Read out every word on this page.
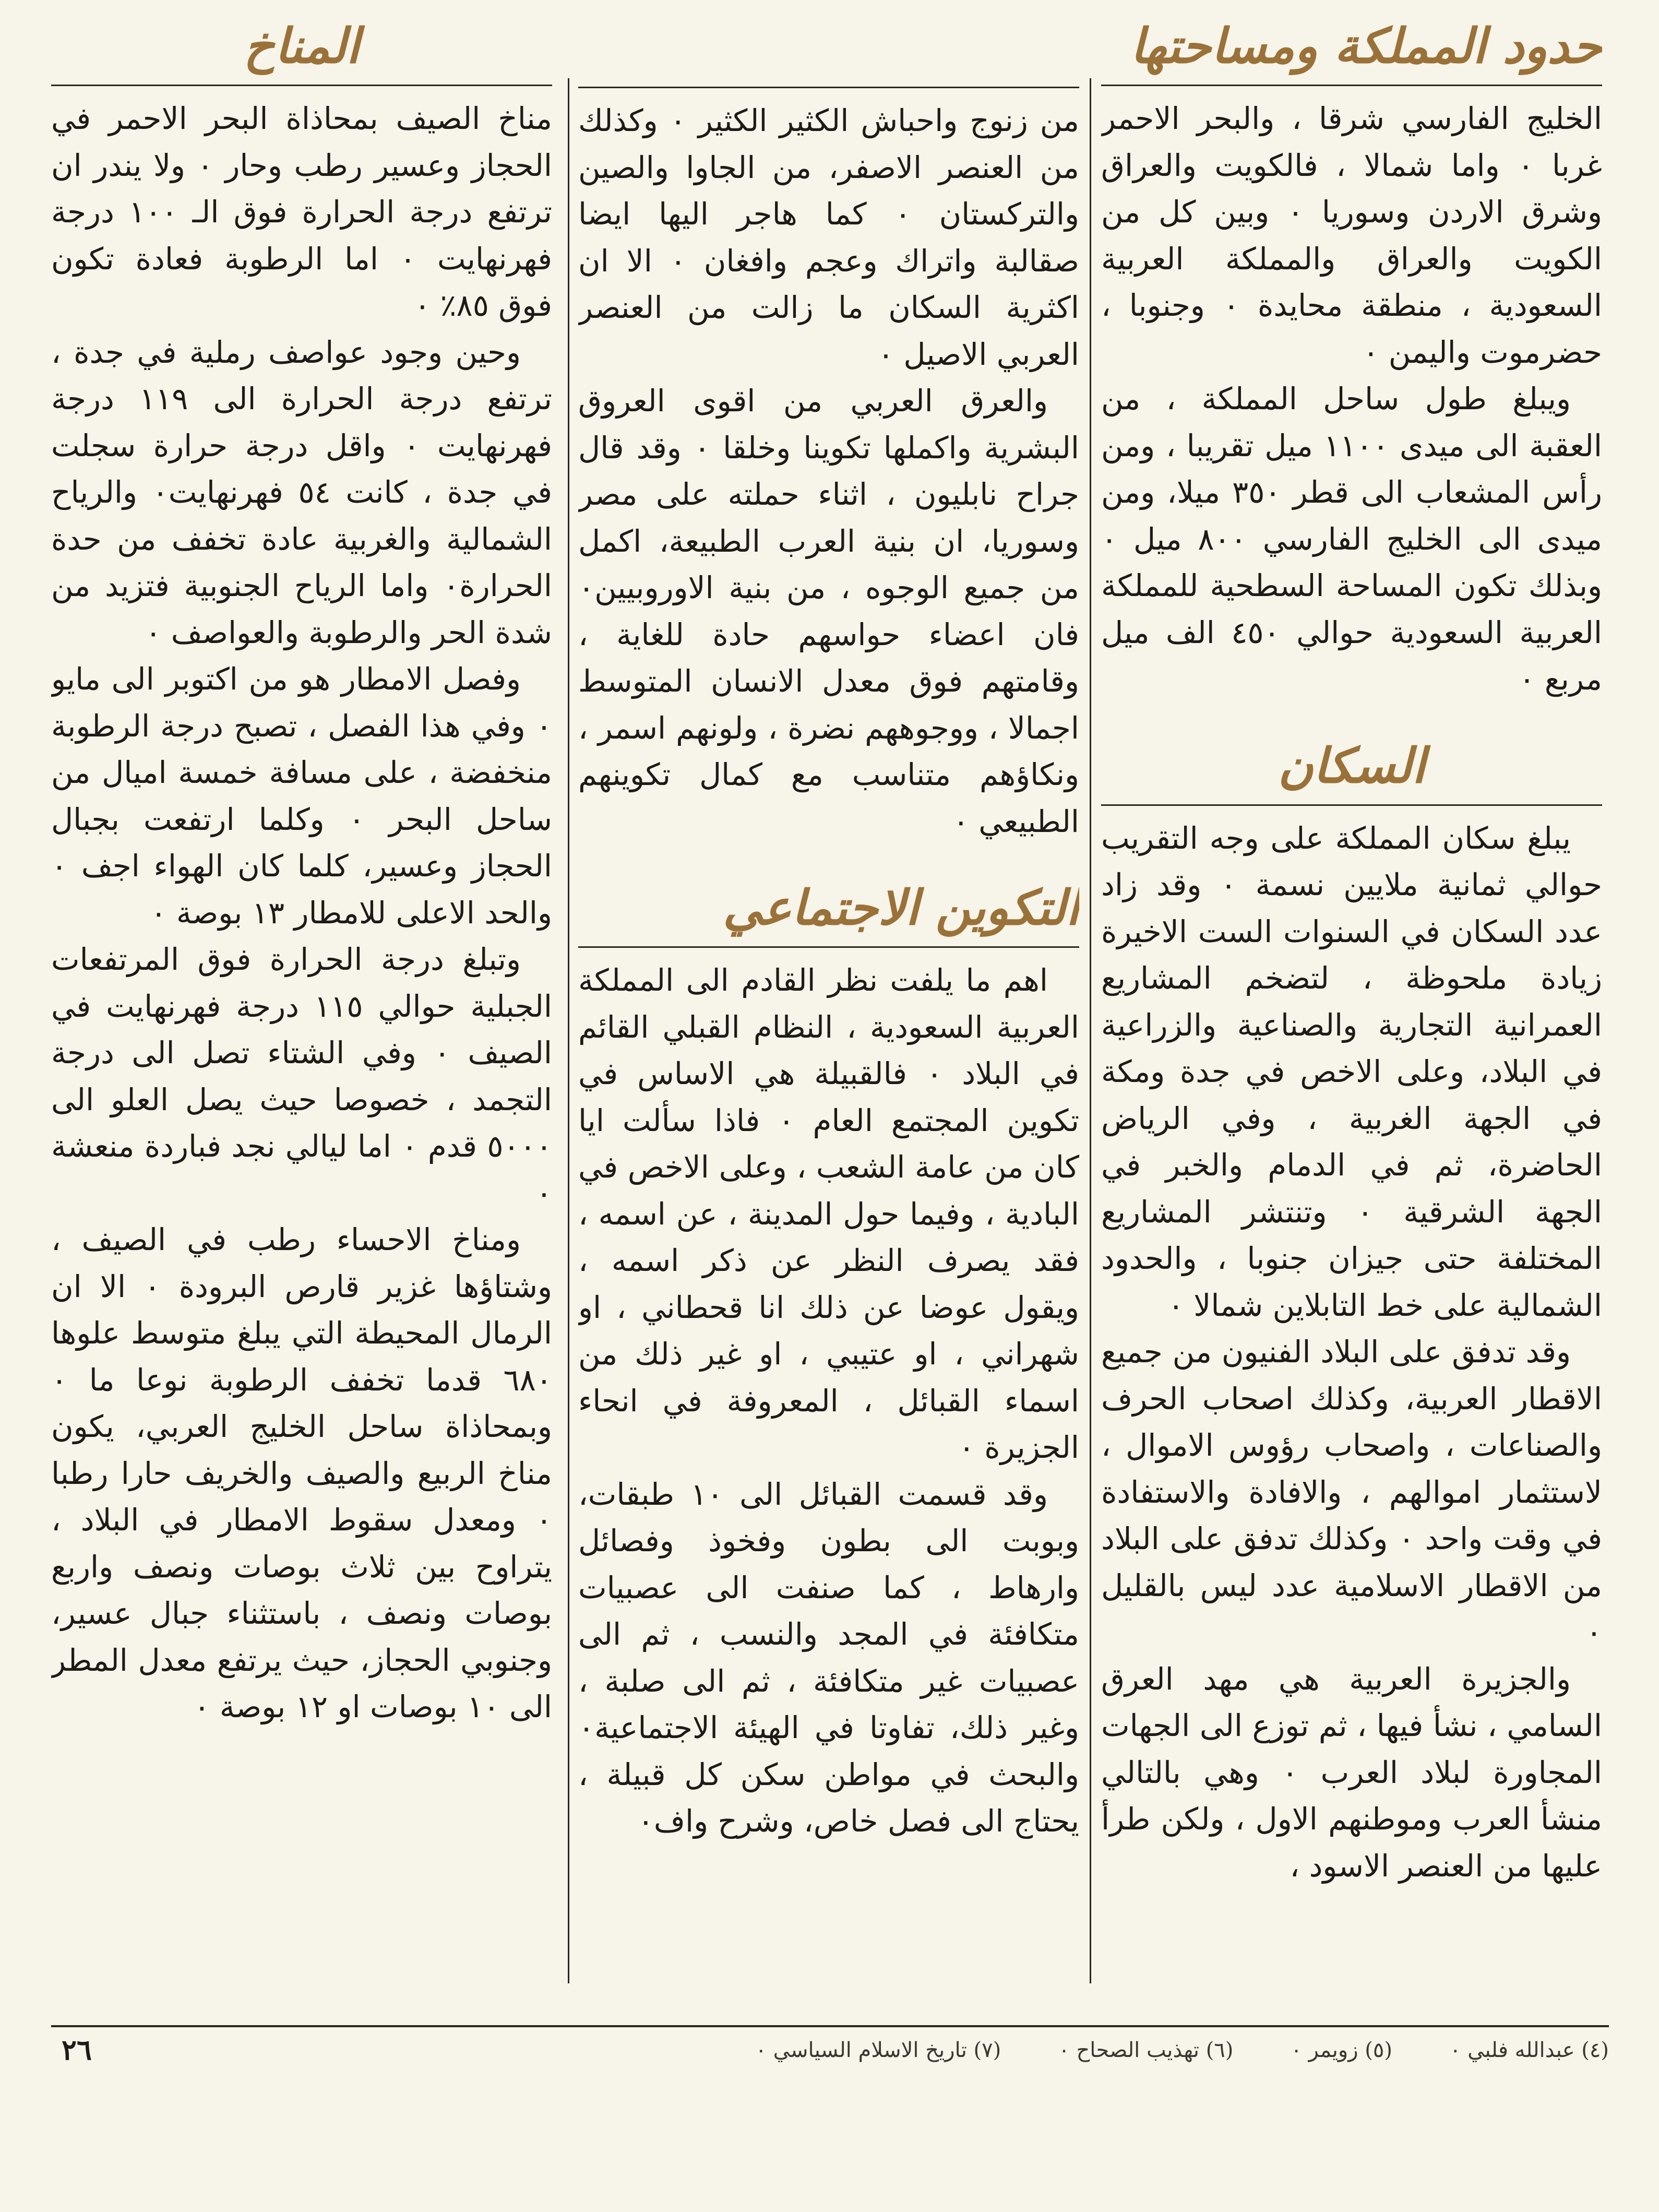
حدود المملكة ومساحتها

الخليج الفارسي شرقا ، والبحر الاحمر غربا ٠ واما شمالا ، فالكويت والعراق وشرق الاردن وسوريا ٠ وبين كل من الكويت والعراق والمملكة العربية السعودية ، منطقة محايدة ٠ وجنوبا ، حضرموت واليمن ٠

ويبلغ طول ساحل المملكة ، من العقبة الى ميدى ١١٠٠ ميل تقريبا ، ومن رأس المشعاب الى قطر ٣٥٠ ميلا، ومن ميدى الى الخليج الفارسي ٨٠٠ ميل ٠ وبذلك تكون المساحة السطحية للمملكة العربية السعودية حوالي ٤٥٠ الف ميل مربع ٠

السكان

يبلغ سكان المملكة على وجه التقريب حوالي ثمانية ملايين نسمة ٠ وقد زاد عدد السكان في السنوات الست الاخيرة زيادة ملحوظة ، لتضخم المشاريع العمرانية التجارية والصناعية والزراعية في البلاد، وعلى الاخص في جدة ومكة في الجهة الغربية ، وفي الرياض الحاضرة، ثم في الدمام والخبر في الجهة الشرقية ٠ وتنتشر المشاريع المختلفة حتى جيزان جنوبا ، والحدود الشمالية على خط التابلاين شمالا ٠

وقد تدفق على البلاد الفنيون من جميع الاقطار العربية، وكذلك اصحاب الحرف والصناعات ، واصحاب رؤوس الاموال ، لاستثمار اموالهم ، والافادة والاستفادة في وقت واحد ٠ وكذلك تدفق على البلاد من الاقطار الاسلامية عدد ليس بالقليل ٠

والجزيرة العربية هي مهد العرق السامي ، نشأ فيها ، ثم توزع الى الجهات المجاورة لبلاد العرب ٠ وهي بالتالي منشأ العرب وموطنهم الاول ، ولكن طرأ عليها من العنصر الاسود ،

من زنوج واحباش الكثير الكثير ٠ وكذلك من العنصر الاصفر، من الجاوا والصين والتركستان ٠ كما هاجر اليها ايضا صقالبة واتراك وعجم وافغان ٠ الا ان اكثرية السكان ما زالت من العنصر العربي الاصيل ٠

والعرق العربي من اقوى العروق البشرية واكملها تكوينا وخلقا ٠ وقد قال جراح نابليون ، اثناء حملته على مصر وسوريا، ان بنية العرب الطبيعة، اكمل من جميع الوجوه ، من بنية الاوروبيين٠ فان اعضاء حواسهم حادة للغاية ، وقامتهم فوق معدل الانسان المتوسط اجمالا ، ووجوههم نضرة ، ولونهم اسمر ، ونكاؤهم متناسب مع كمال تكوينهم الطبيعي ٠

التكوين الاجتماعي

اهم ما يلفت نظر القادم الى المملكة العربية السعودية ، النظام القبلي القائم في البلاد ٠ فالقبيلة هي الاساس في تكوين المجتمع العام ٠ فاذا سألت ايا كان من عامة الشعب ، وعلى الاخص في البادية ، وفيما حول المدينة ، عن اسمه ، فقد يصرف النظر عن ذكر اسمه ، ويقول عوضا عن ذلك انا قحطاني ، او شهراني ، او عتيبي ، او غير ذلك من اسماء القبائل ، المعروفة في انحاء الجزيرة ٠

وقد قسمت القبائل الى ١٠ طبقات، وبوبت الى بطون وفخوذ وفصائل وارهاط ، كما صنفت الى عصبيات متكافئة في المجد والنسب ، ثم الى عصبيات غير متكافئة ، ثم الى صلبة ، وغير ذلك، تفاوتا في الهيئة الاجتماعية٠ والبحث في مواطن سكن كل قبيلة ، يحتاج الى فصل خاص، وشرح واف٠

المناخ

مناخ الصيف بمحاذاة البحر الاحمر في الحجاز وعسير رطب وحار ٠ ولا يندر ان ترتفع درجة الحرارة فوق الـ ١٠٠ درجة فهرنهايت ٠ اما الرطوبة فعادة تكون فوق ٨٥٪ ٠

وحين وجود عواصف رملية في جدة ، ترتفع درجة الحرارة الى ١١٩ درجة فهرنهايت ٠ واقل درجة حرارة سجلت في جدة ، كانت ٥٤ فهرنهايت٠ والرياح الشمالية والغربية عادة تخفف من حدة الحرارة٠ واما الرياح الجنوبية فتزيد من شدة الحر والرطوبة والعواصف ٠

وفصل الامطار هو من اكتوبر الى مايو ٠ وفي هذا الفصل ، تصبح درجة الرطوبة منخفضة ، على مسافة خمسة اميال من ساحل البحر ٠ وكلما ارتفعت بجبال الحجاز وعسير، كلما كان الهواء اجف ٠ والحد الاعلى للامطار ١٣ بوصة ٠

وتبلغ درجة الحرارة فوق المرتفعات الجبلية حوالي ١١٥ درجة فهرنهايت في الصيف ٠ وفي الشتاء تصل الى درجة التجمد ، خصوصا حيث يصل العلو الى ٥٠٠٠ قدم ٠ اما ليالي نجد فباردة منعشة ٠

ومناخ الاحساء رطب في الصيف ، وشتاؤها غزير قارص البرودة ٠ الا ان الرمال المحيطة التي يبلغ متوسط علوها ٦٨٠ قدما تخفف الرطوبة نوعا ما ٠ وبمحاذاة ساحل الخليج العربي، يكون مناخ الربيع والصيف والخريف حارا رطبا ٠ ومعدل سقوط الامطار في البلاد ، يتراوح بين ثلاث بوصات ونصف واربع بوصات ونصف ، باستثناء جبال عسير، وجنوبي الحجاز، حيث يرتفع معدل المطر الى ١٠ بوصات او ١٢ بوصة ٠

(٤) عبدالله فلبي ٠
(٥) زويمر ٠
(٦) تهذيب الصحاح ٠
(٧) تاريخ الاسلام السياسي ٠
٢٦
